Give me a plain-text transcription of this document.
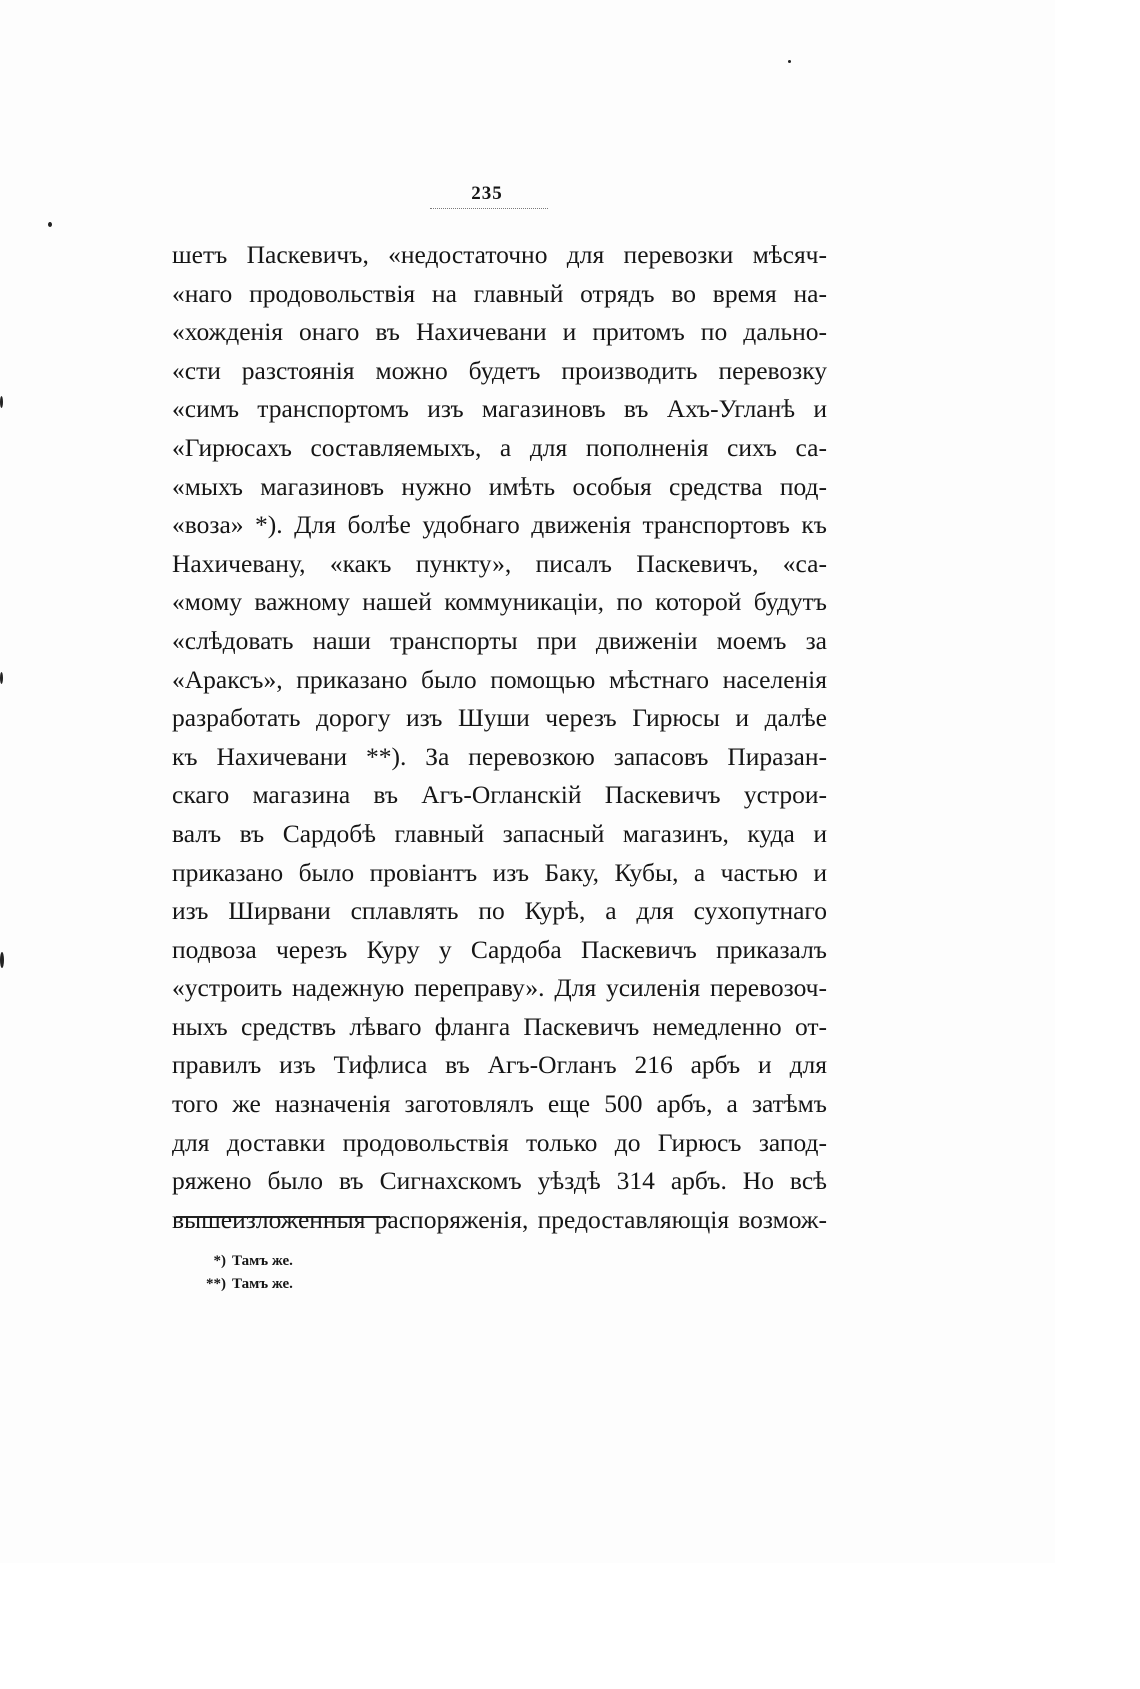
235
шетъ Паскевичъ, «недостаточно для перевозки мѣсяч-
«наго продовольствія на главный отрядъ во время на-
«хожденія онаго въ Нахичевани и притомъ по дально-
«сти разстоянія можно будетъ производить перевозку
«симъ транспортомъ изъ магазиновъ въ Ахъ-Угланѣ и
«Гирюсахъ составляемыхъ, а для пополненія сихъ са-
«мыхъ магазиновъ нужно имѣть особыя средства под-
«воза» *). Для болѣе удобнаго движенія транспортовъ къ
Нахичевану, «какъ пункту», писалъ Паскевичъ, «са-
«мому важному нашей коммуникаціи, по которой будутъ
«слѣдовать наши транспорты при движеніи моемъ за
«Араксъ», приказано было помощью мѣстнаго населенія
разработать дорогу изъ Шуши черезъ Гирюсы и далѣе
къ Нахичевани **). За перевозкою запасовъ Пиразан-
скаго магазина въ Агъ-Огланскій Паскевичъ устрои-
валъ въ Сардобѣ главный запасный магазинъ, куда и
приказано было провіантъ изъ Баку, Кубы, а частью и
изъ Ширвани сплавлять по Курѣ, а для сухопутнаго
подвоза черезъ Куру у Сардоба Паскевичъ приказалъ
«устроить надежную переправу». Для усиленія перевозоч-
ныхъ средствъ лѣваго фланга Паскевичъ немедленно от-
правилъ изъ Тифлиса въ Агъ-Огланъ 216 арбъ и для
того же назначенія заготовлялъ еще 500 арбъ, а затѣмъ
для доставки продовольствія только до Гирюсъ запод-
ряжено было въ Сигнахскомъ уѣздѣ 314 арбъ. Но всѣ
вышеизложенныя распоряженія, предоставляющія возмож-
*) Тамъ же.
**) Тамъ же.
